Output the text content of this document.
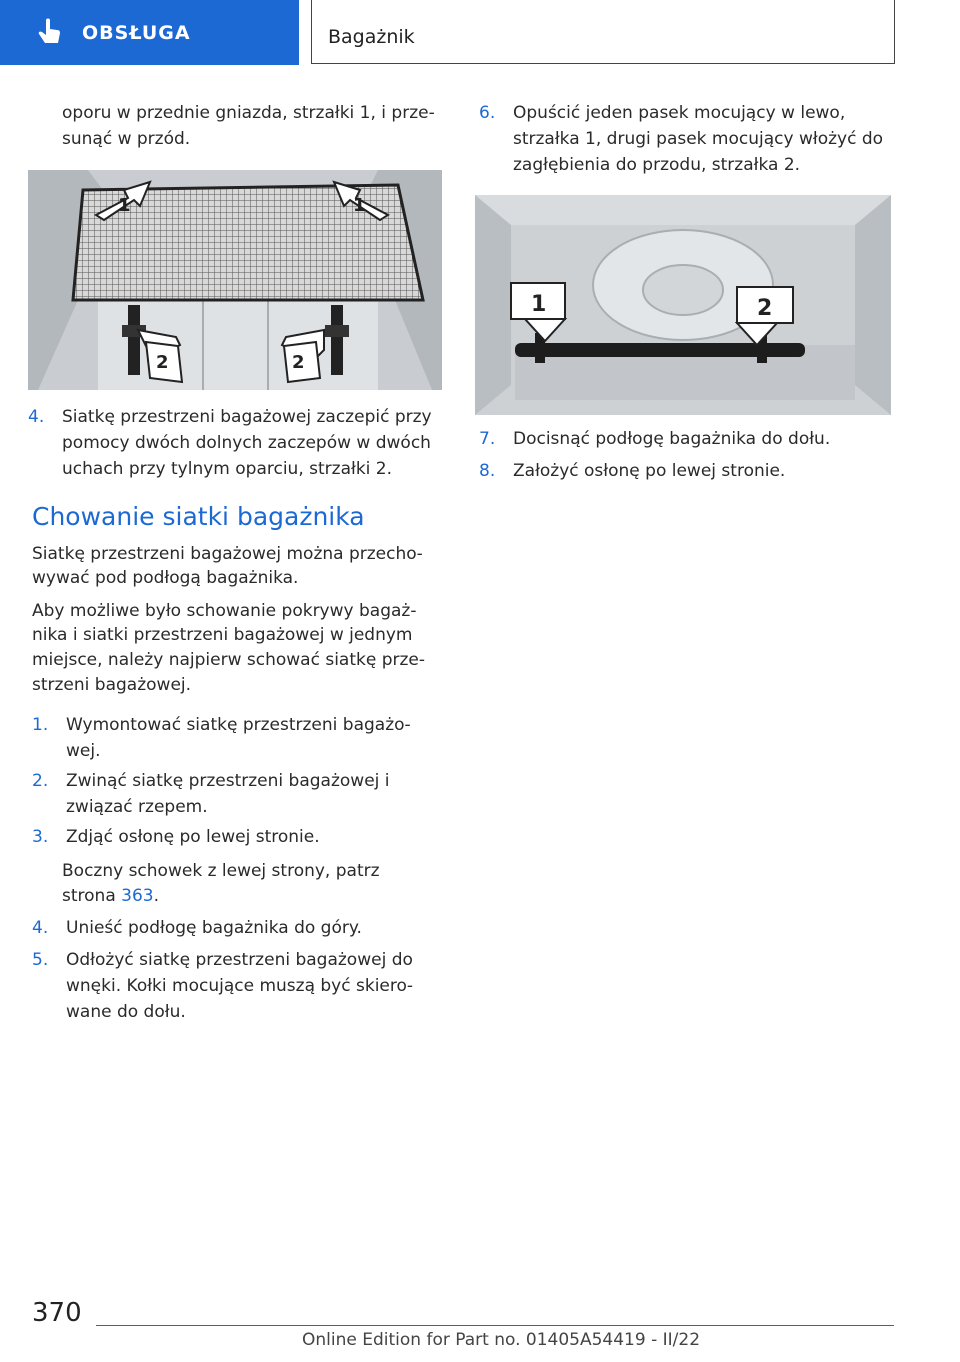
OBSŁUGA	Bagażnik

oporu w przednie gniazda, strzałki 1, i prze‐

sunąć w przód.

1	1
2	2
4.	Siatkę przestrzeni bagażowej zaczepić przy
pomocy dwóch dolnych zaczepów w dwóch
uchach przy tylnym oparciu, strzałki 2.
Chowanie siatki bagażnika

Siatkę przestrzeni bagażowej można przecho‐

wywać pod podłogą bagażnika.

Aby możliwe było schowanie pokrywy bagaż‐

nika i siatki przestrzeni bagażowej w jednym

miejsce, należy najpierw schować siatkę prze‐

strzeni bagażowej.

1.	Wymontować siatkę przestrzeni bagażo‐
wej.
2.	Zwinąć siatkę przestrzeni bagażowej i
związać rzepem.
3.	Zdjąć osłonę po lewej stronie.

Boczny schowek z lewej strony, patrz

strona 363.

4.	Unieść podłogę bagażnika do góry.
5.	Odłożyć siatkę przestrzeni bagażowej do
wnęki. Kołki mocujące muszą być skiero‐
wane do dołu.
6.	Opuścić jeden pasek mocujący w lewo,
strzałka 1, drugi pasek mocujący włożyć do
zagłębienia do przodu, strzałka 2.
1	2
7.	Docisnąć podłogę bagażnika do dołu.
8.	Założyć osłonę po lewej stronie.
370
Online Edition for Part no. 01405A54419 - II/22
